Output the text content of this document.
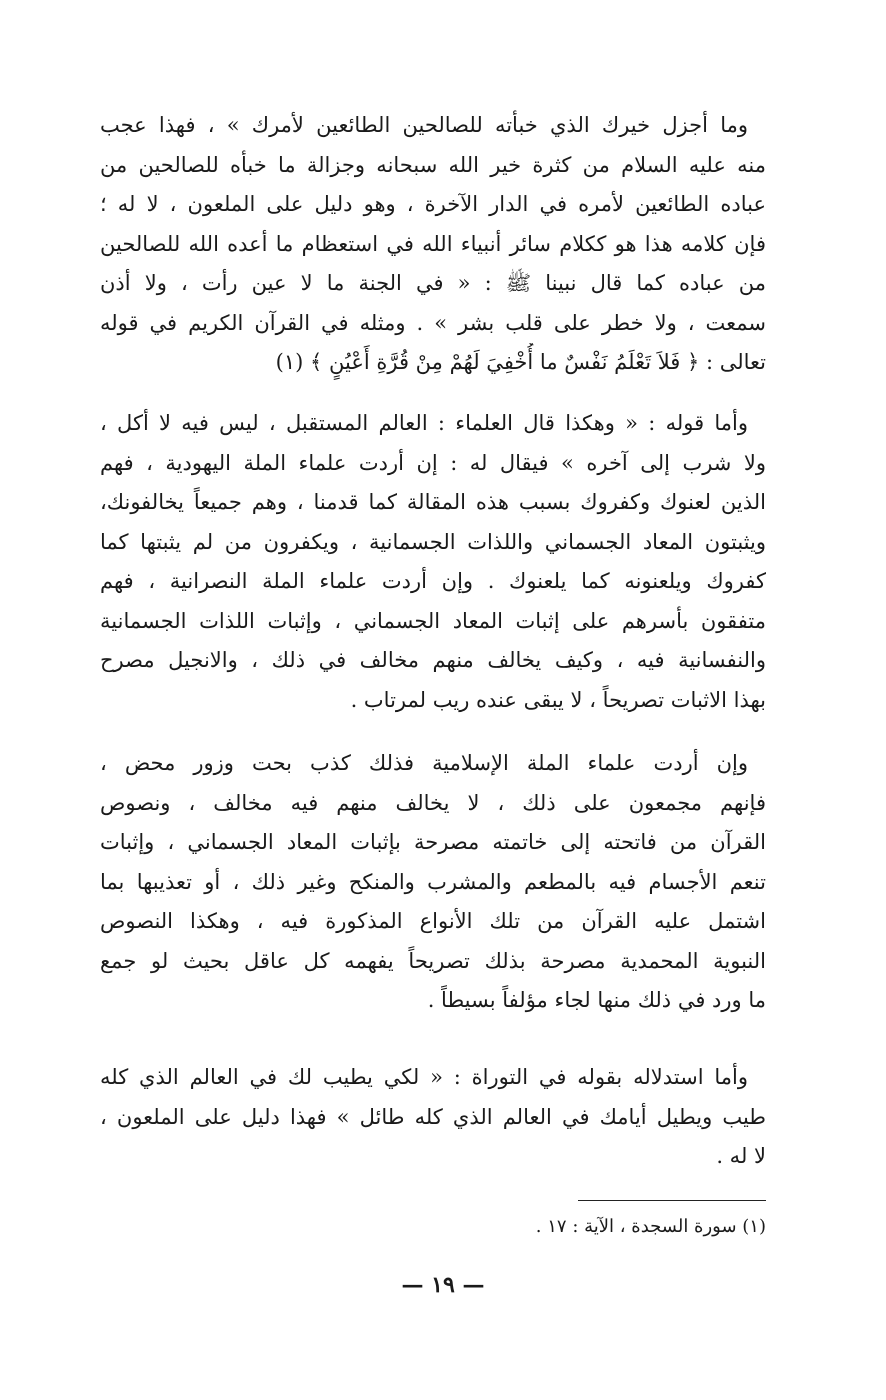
وما أجزل خيرك الذي خبأته للصالحين الطائعين لأمرك » ، فهذا عجب

منه عليه السلام من كثرة خير الله سبحانه وجزالة ما خبأه للصالحين من

عباده الطائعين لأمره في الدار الآخرة ، وهو دليل على الملعون ، لا له ؛

فإن كلامه هذا هو ككلام سائر أنبياء الله في استعظام ما أعده الله للصالحين

من عباده كما قال نبينا ﷺ : « في الجنة ما لا عين رأت ، ولا أذن

سمعت ، ولا خطر على قلب بشر » . ومثله في القرآن الكريم في قوله

تعالى : ﴿ فَلاَ تَعْلَمُ نَفْسٌ ما أُخْفِيَ لَهُمْ مِنْ قُرَّةِ أَعْيُنٍ ﴾ (١)

وأما قوله : « وهكذا قال العلماء : العالم المستقبل ، ليس فيه لا أكل ،

ولا شرب إلى آخره » فيقال له : إن أردت علماء الملة اليهودية ، فهم

الذين لعنوك وكفروك بسبب هذه المقالة كما قدمنا ، وهم جميعاً يخالفونك،

ويثبتون المعاد الجسماني واللذات الجسمانية ، ويكفرون من لم يثبتها كما

كفروك ويلعنونه كما يلعنوك . وإن أردت علماء الملة النصرانية ، فهم

متفقون بأسرهم على إثبات المعاد الجسماني ، وإثبات اللذات الجسمانية

والنفسانية فيه ، وكيف يخالف منهم مخالف في ذلك ، والانجيل مصرح

بهذا الاثبات تصريحاً ، لا يبقى عنده ريب لمرتاب .

وإن أردت علماء الملة الإسلامية فذلك كذب بحت وزور محض ،

فإنهم مجمعون على ذلك ، لا يخالف منهم فيه مخالف ، ونصوص

القرآن من فاتحته إلى خاتمته مصرحة بإثبات المعاد الجسماني ، وإثبات

تنعم الأجسام فيه بالمطعم والمشرب والمنكح وغير ذلك ، أو تعذيبها بما

اشتمل عليه القرآن من تلك الأنواع المذكورة فيه ، وهكذا النصوص

النبوية المحمدية مصرحة بذلك تصريحاً يفهمه كل عاقل بحيث لو جمع

ما ورد في ذلك منها لجاء مؤلفاً بسيطاً .

وأما استدلاله بقوله في التوراة : « لكي يطيب لك في العالم الذي كله

طيب ويطيل أيامك في العالم الذي كله طائل » فهذا دليل على الملعون ،

لا له .

(١) سورة السجدة ، الآية : ١٧ .
— ١٩ —
